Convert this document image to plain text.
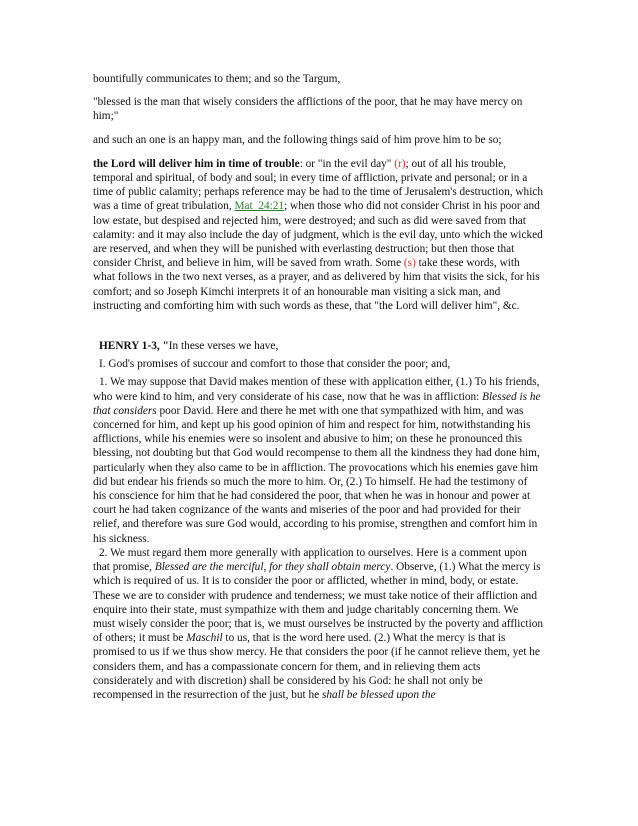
bountifully communicates to them; and so the Targum,

"blessed is the man that wisely considers the afflictions of the poor, that he may have mercy on him;"

and such an one is an happy man, and the following things said of him prove him to be so;

the Lord will deliver him in time of trouble: or "in the evil day" (r); out of all his trouble, temporal and spiritual, of body and soul; in every time of affliction, private and personal; or in a time of public calamity; perhaps reference may be had to the time of Jerusalem's destruction, which was a time of great tribulation, Mat_24:21; when those who did not consider Christ in his poor and low estate, but despised and rejected him, were destroyed; and such as did were saved from that calamity: and it may also include the day of judgment, which is the evil day, unto which the wicked are reserved, and when they will be punished with everlasting destruction; but then those that consider Christ, and believe in him, will be saved from wrath. Some (s) take these words, with what follows in the two next verses, as a prayer, and as delivered by him that visits the sick, for his comfort; and so Joseph Kimchi interprets it of an honourable man visiting a sick man, and instructing and comforting him with such words as these, that "the Lord will deliver him", &c.

HENRY 1-3, "In these verses we have,

I. God's promises of succour and comfort to those that consider the poor; and,

1. We may suppose that David makes mention of these with application either, (1.) To his friends, who were kind to him, and very considerate of his case, now that he was in affliction: Blessed is he that considers poor David. Here and there he met with one that sympathized with him, and was concerned for him, and kept up his good opinion of him and respect for him, notwithstanding his afflictions, while his enemies were so insolent and abusive to him; on these he pronounced this blessing, not doubting but that God would recompense to them all the kindness they had done him, particularly when they also came to be in affliction. The provocations which his enemies gave him did but endear his friends so much the more to him. Or, (2.) To himself. He had the testimony of his conscience for him that he had considered the poor, that when he was in honour and power at court he had taken cognizance of the wants and miseries of the poor and had provided for their relief, and therefore was sure God would, according to his promise, strengthen and comfort him in his sickness.

2. We must regard them more generally with application to ourselves. Here is a comment upon that promise, Blessed are the merciful, for they shall obtain mercy. Observe, (1.) What the mercy is which is required of us. It is to consider the poor or afflicted, whether in mind, body, or estate. These we are to consider with prudence and tenderness; we must take notice of their affliction and enquire into their state, must sympathize with them and judge charitably concerning them. We must wisely consider the poor; that is, we must ourselves be instructed by the poverty and affliction of others; it must be Maschil to us, that is the word here used. (2.) What the mercy is that is promised to us if we thus show mercy. He that considers the poor (if he cannot relieve them, yet he considers them, and has a compassionate concern for them, and in relieving them acts considerately and with discretion) shall be considered by his God: he shall not only be recompensed in the resurrection of the just, but he shall be blessed upon the
